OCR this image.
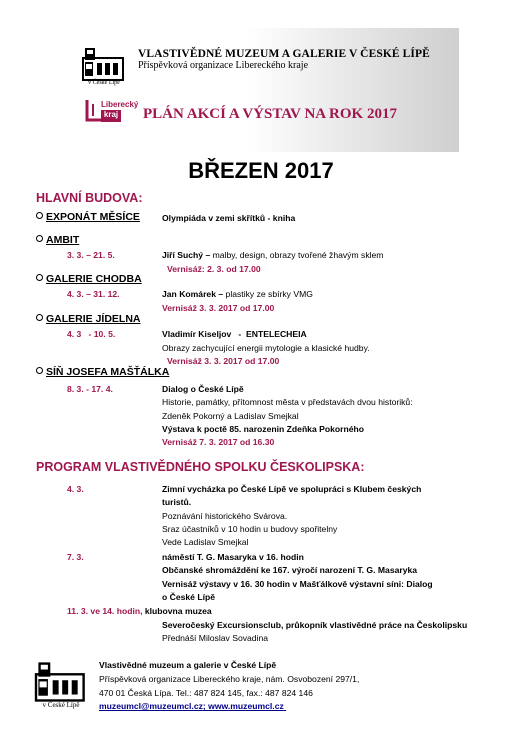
v České Lípě
VLASTIVĚDNÉ MUZEUM A GALERIE V ČESKÉ LÍPĚ
Příspěvková organizace Libereckého kraje
Liberecký
kraj PLÁN AKCÍ A VÝSTAV NA ROK 2017
BŘEZEN 2017
HLAVNÍ BUDOVA:
EXPONÁT MĚSÍCE	Olympiáda v zemi skřítků - kniha
AMBIT
3. 3. – 21. 5.	Jiří Suchý – malby, design, obrazy tvořené žhavým sklem
Vernisáž: 2. 3. od 17.00
GALERIE CHODBA
4. 3. – 31. 12.	Jan Komárek – plastiky ze sbírky VMG
Vernisáž 3. 3. 2017 od 17.00
GALERIE JÍDELNA
4. 3   - 10. 5.	Vladimír Kiseljov   -  ENTELECHEIA
Obrazy zachycující energii mytologie a klasické hudby.
Vernisáž 3. 3. 2017 od 17.00
SÍŇ JOSEFA MAŠŤÁLKA
8. 3. - 17. 4.	Dialog o České Lípě
Historie, památky, přítomnost města v představách dvou historiků:
Zdeněk Pokorný a Ladislav Smejkal
Výstava k poctě 85. narozenin Zdeňka Pokorného
Vernisáž 7. 3. 2017 od 16.30
PROGRAM VLASTIVĚDNÉHO SPOLKU ČESKOLIPSKA:
4. 3.	Zimní vycházka po České Lípě ve spolupráci s Klubem českých
turistů.
Poznávání historického Svárova.
Sraz účastníků v 10 hodin u budovy spořitelny
Vede Ladislav Smejkal
7. 3.	náměstí T. G. Masaryka v 16. hodin
Občanské shromáždění ke 167. výročí narození T. G. Masaryka
Vernisáž výstavy v 16. 30 hodin v Mašťálkově výstavní síni: Dialog
o České Lípě
11. 3. ve 14. hodin, klubovna muzea
Severočeský Excursionsclub, průkopník vlastivědné práce na Českolipsku
Přednáší Miloslav Sovadina
v České Lípě
Vlastivědné muzeum a galerie v České Lípě
Příspěvková organizace Libereckého kraje, nám. Osvobození 297/1,
470 01 Česká Lípa. Tel.: 487 824 145, fax.: 487 824 146
muzeumcl@muzeumcl.cz; www.muzeumcl.cz
